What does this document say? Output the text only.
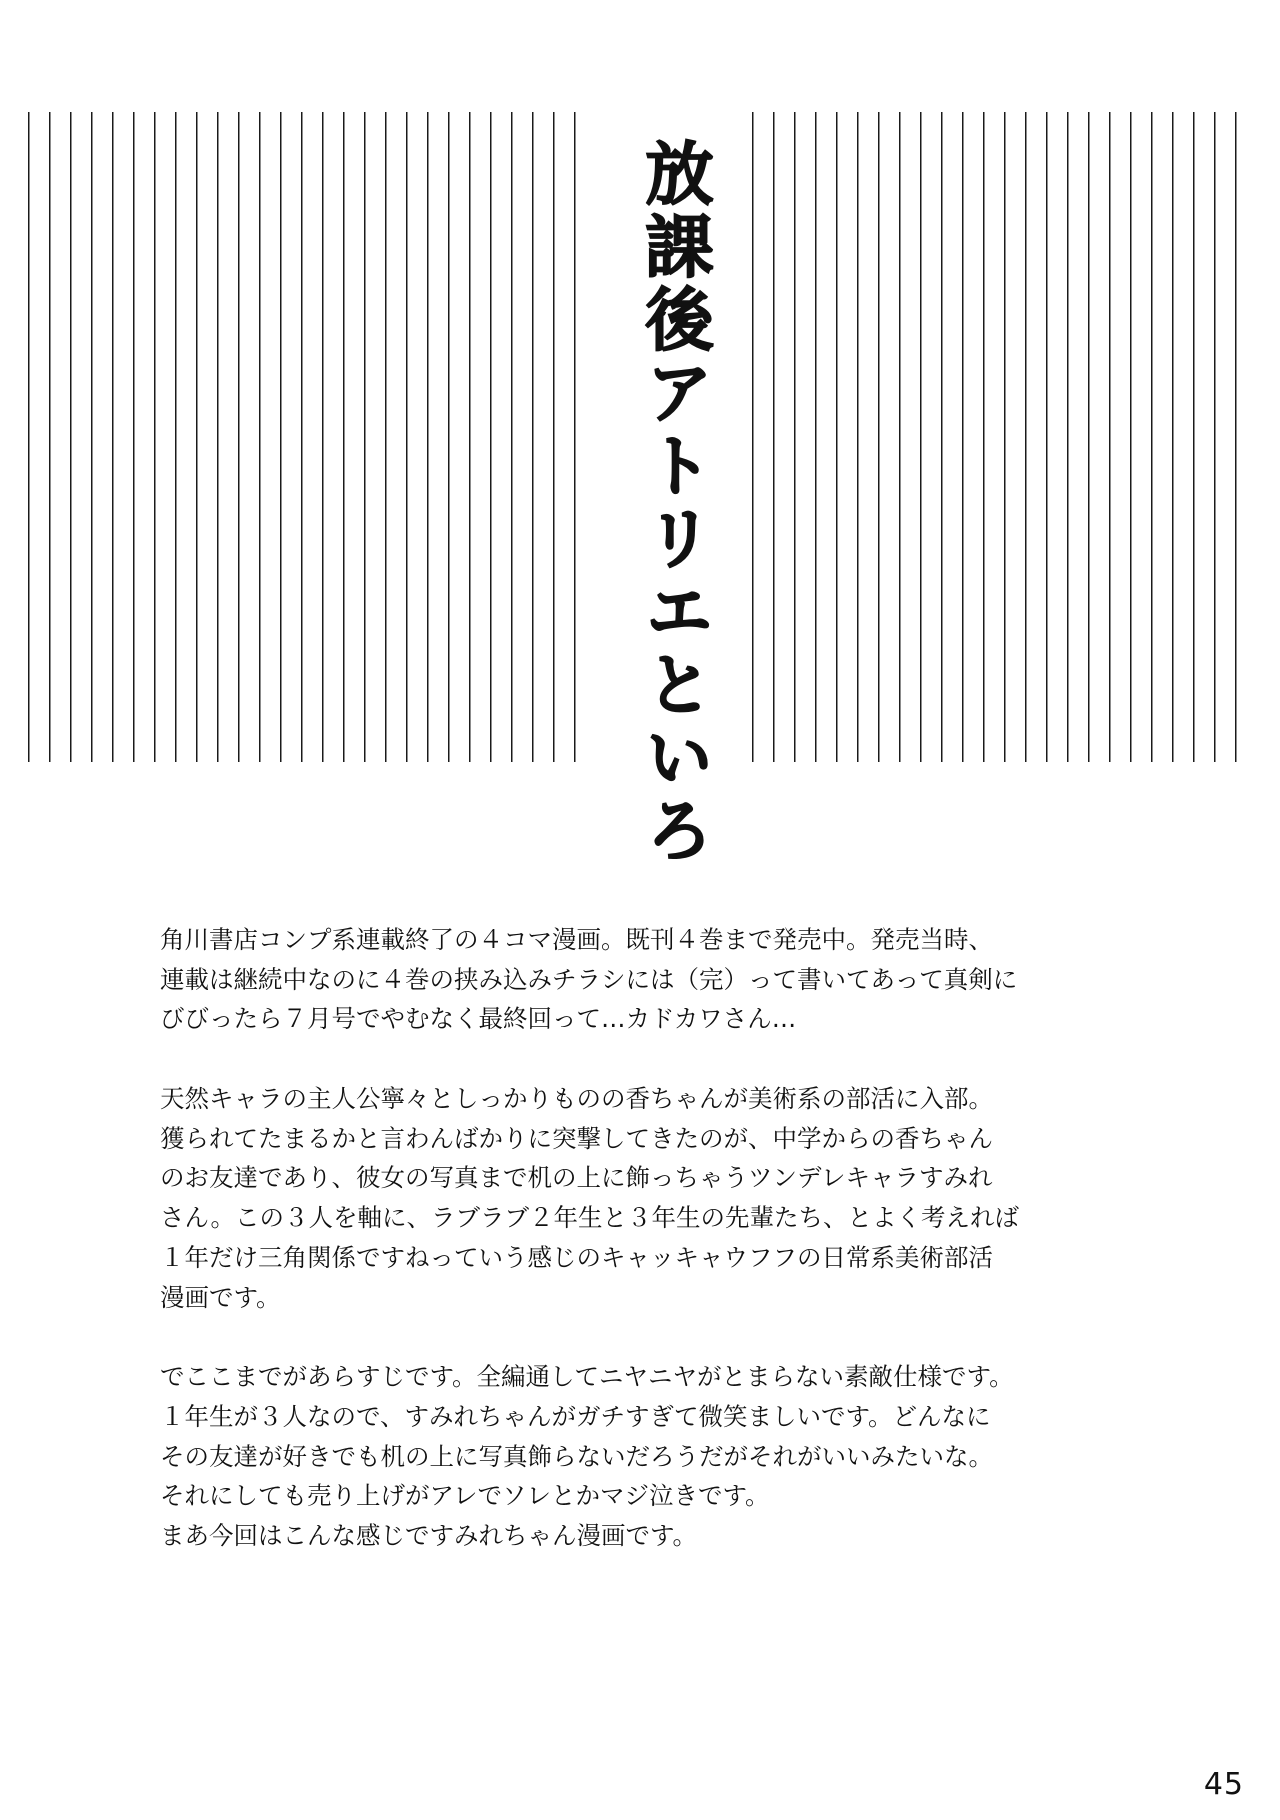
放課後アトリエといろ
角川書店コンプ系連載終了の４コマ漫画。既刊４巻まで発売中。発売当時、
連載は継続中なのに４巻の挟み込みチラシには（完）って書いてあって真剣に
びびったら７月号でやむなく最終回って…カドカワさん…
天然キャラの主人公寧々としっかりものの香ちゃんが美術系の部活に入部。
獲られてたまるかと言わんばかりに突撃してきたのが、中学からの香ちゃん
のお友達であり、彼女の写真まで机の上に飾っちゃうツンデレキャラすみれ
さん。この３人を軸に、ラブラブ２年生と３年生の先輩たち、とよく考えれば
１年だけ三角関係ですねっていう感じのキャッキャウフフの日常系美術部活
漫画です。
でここまでがあらすじです。全編通してニヤニヤがとまらない素敵仕様です。
１年生が３人なので、すみれちゃんがガチすぎて微笑ましいです。どんなに
その友達が好きでも机の上に写真飾らないだろうだがそれがいいみたいな。
それにしても売り上げがアレでソレとかマジ泣きです。
まあ今回はこんな感じですみれちゃん漫画です。
45
